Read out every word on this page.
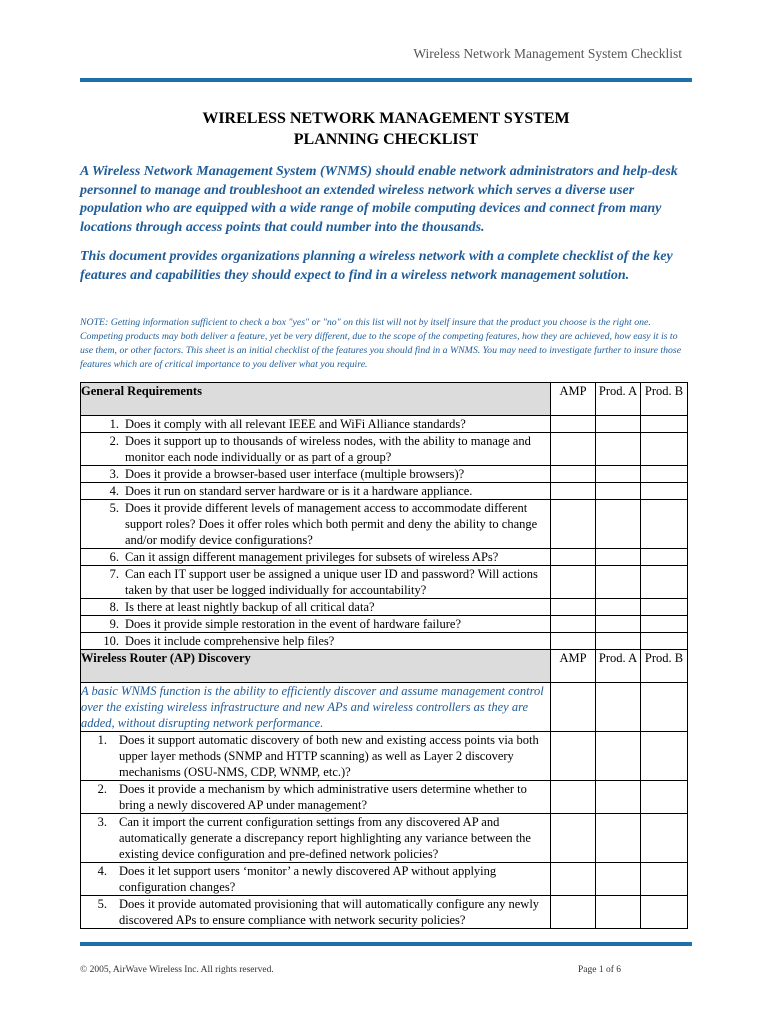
Wireless Network Management System Checklist
WIRELESS NETWORK MANAGEMENT SYSTEM
PLANNING CHECKLIST

A Wireless Network Management System (WNMS) should enable network administrators and help-desk personnel to manage and troubleshoot an extended wireless network which serves a diverse user population who are equipped with a wide range of mobile computing devices and connect from many locations through access points that could number into the thousands.

This document provides organizations planning a wireless network with a complete checklist of the key features and capabilities they should expect to find in a wireless network management solution.

NOTE: Getting information sufficient to check a box "yes" or "no" on this list will not by itself insure that the product you choose is the right one. Competing products may both deliver a feature, yet be very different, due to the scope of the competing features, how they are achieved, how easy it is to use them, or other factors. This sheet is an initial checklist of the features you should find in a WNMS. You may need to investigate further to insure those features which are of critical importance to you deliver what you require.

General Requirements	AMP	Prod. A	Prod. B

1. Does it comply with all relevant IEEE and WiFi Alliance standards?			

2. Does it support up to thousands of wireless nodes, with the ability to manage and monitor each node individually or as part of a group?			

3. Does it provide a browser-based user interface (multiple browsers)?			

4. Does it run on standard server hardware or is it a hardware appliance.			

5. Does it provide different levels of management access to accommodate different support roles? Does it offer roles which both permit and deny the ability to change and/or modify device configurations?			

6. Can it assign different management privileges for subsets of wireless APs?			

7. Can each IT support user be assigned a unique user ID and password? Will actions taken by that user be logged individually for accountability?			

8. Is there at least nightly backup of all critical data?			

9. Does it provide simple restoration in the event of hardware failure?			

10. Does it include comprehensive help files?			

Wireless Router (AP) Discovery	AMP	Prod. A	Prod. B
A basic WNMS function is the ability to efficiently discover and assume management control over the existing wireless infrastructure and new APs and wireless controllers as they are added, without disrupting network performance.			

1. Does it support automatic discovery of both new and existing access points via both upper layer methods (SNMP and HTTP scanning) as well as Layer 2 discovery mechanisms (OSU-NMS, CDP, WNMP, etc.)?			

2. Does it provide a mechanism by which administrative users determine whether to bring a newly discovered AP under management?			

3. Can it import the current configuration settings from any discovered AP and automatically generate a discrepancy report highlighting any variance between the existing device configuration and pre-defined network policies?			

4. Does it let support users ‘monitor’ a newly discovered AP without applying configuration changes?			

5. Does it provide automated provisioning that will automatically configure any newly discovered APs to ensure compliance with network security policies?			

© 2005, AirWave Wireless Inc. All rights reserved.	Page 1 of 6
